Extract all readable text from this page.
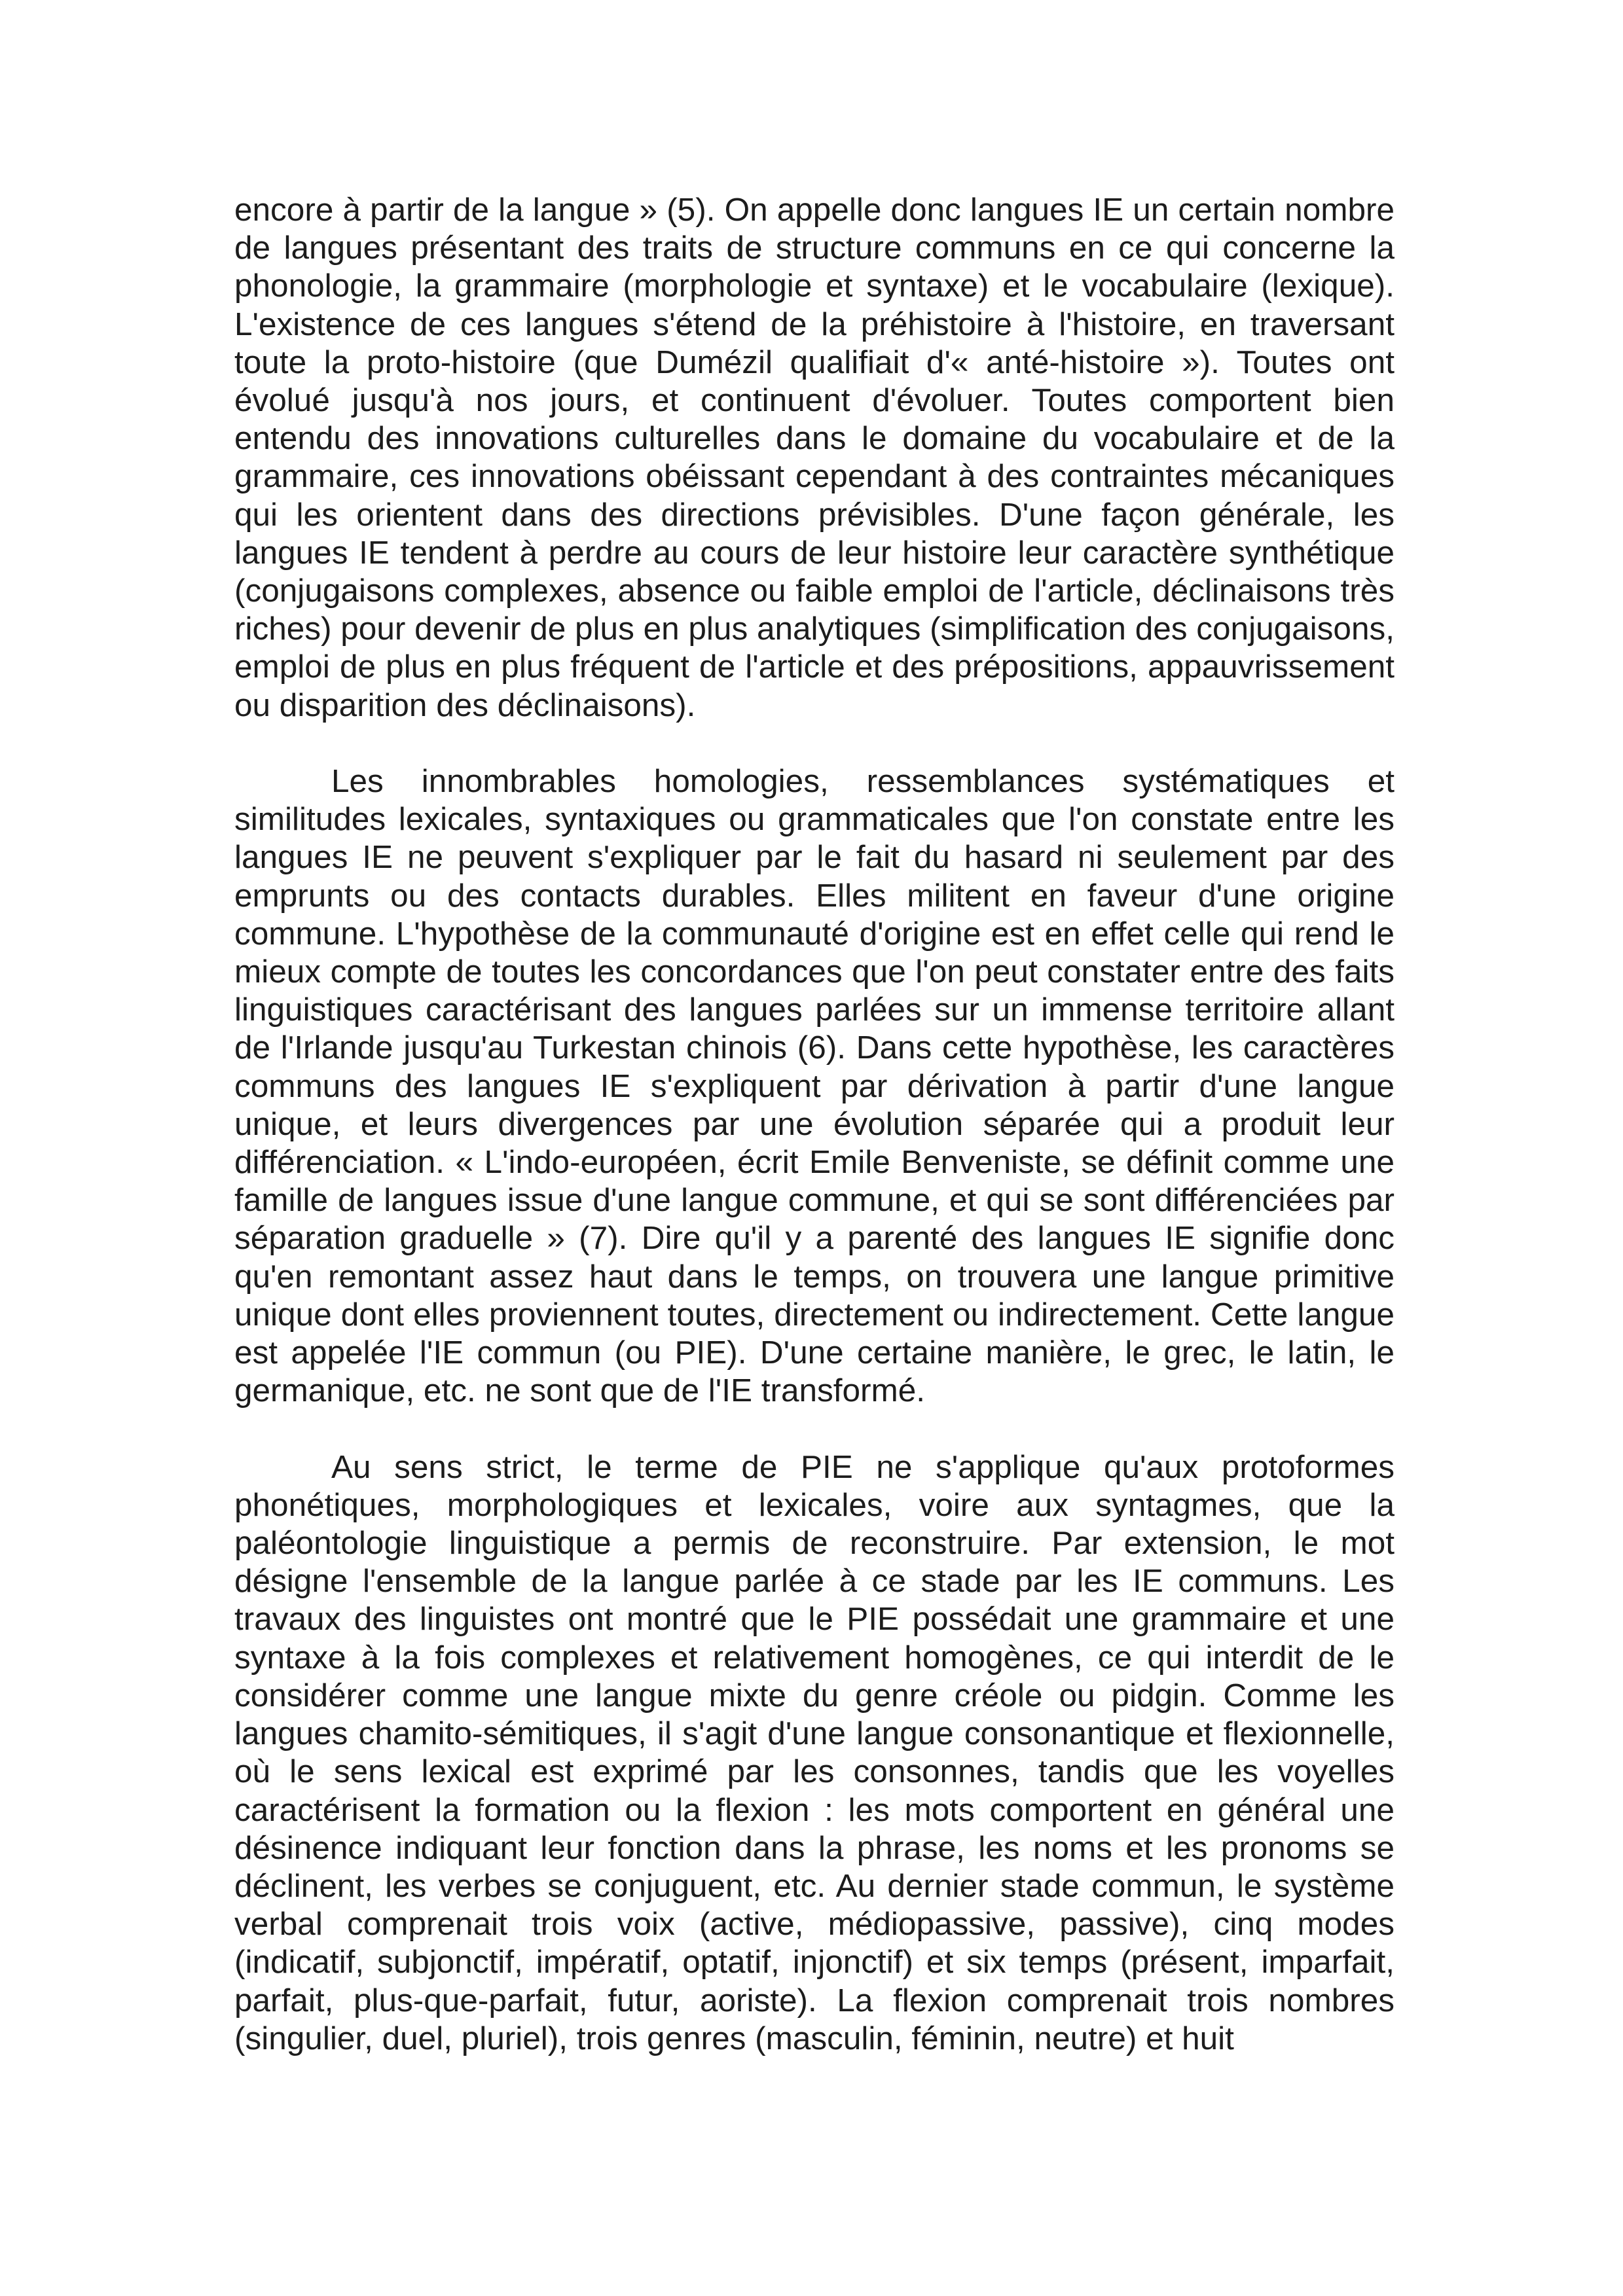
encore à partir de la langue » (5). On appelle donc langues IE un certain nombre de langues présentant des traits de structure communs en ce qui concerne la phonologie, la grammaire (morphologie et syntaxe) et le vocabulaire (lexique). L'existence de ces langues s'étend de la préhistoire à l'histoire, en traversant toute la proto-histoire (que Dumézil qualifiait d'« anté-histoire »). Toutes ont évolué jusqu'à nos jours, et continuent d'évoluer. Toutes comportent bien entendu des innovations culturelles dans le domaine du vocabulaire et de la grammaire, ces innovations obéissant cependant à des contraintes mécaniques qui les orientent dans des directions prévisibles. D'une façon générale, les langues IE tendent à perdre au cours de leur histoire leur caractère synthétique (conjugaisons complexes, absence ou faible emploi de l'article, déclinaisons très riches) pour devenir de plus en plus analytiques (simplification des conjugaisons, emploi de plus en plus fréquent de l'article et des prépositions, appauvrissement ou disparition des déclinaisons).

Les innombrables homologies, ressemblances systématiques et similitudes lexicales, syntaxiques ou grammaticales que l'on constate entre les langues IE ne peuvent s'expliquer par le fait du hasard ni seulement par des emprunts ou des contacts durables. Elles militent en faveur d'une origine commune. L'hypothèse de la communauté d'origine est en effet celle qui rend le mieux compte de toutes les concordances que l'on peut constater entre des faits linguistiques caractérisant des langues parlées sur un immense territoire allant de l'Irlande jusqu'au Turkestan chinois (6). Dans cette hypothèse, les caractères communs des langues IE s'expliquent par dérivation à partir d'une langue unique, et leurs divergences par une évolution séparée qui a produit leur différenciation. « L'indo-européen, écrit Emile Benveniste, se définit comme une famille de langues issue d'une langue commune, et qui se sont différenciées par séparation graduelle » (7). Dire qu'il y a parenté des langues IE signifie donc qu'en remontant assez haut dans le temps, on trouvera une langue primitive unique dont elles proviennent toutes, directement ou indirectement. Cette langue est appelée l'IE commun (ou PIE). D'une certaine manière, le grec, le latin, le germanique, etc. ne sont que de l'IE transformé.

Au sens strict, le terme de PIE ne s'applique qu'aux protoformes phonétiques, morphologiques et lexicales, voire aux syntagmes, que la paléontologie linguistique a permis de reconstruire. Par extension, le mot désigne l'ensemble de la langue parlée à ce stade par les IE communs. Les travaux des linguistes ont montré que le PIE possédait une grammaire et une syntaxe à la fois complexes et relativement homogènes, ce qui interdit de le considérer comme une langue mixte du genre créole ou pidgin. Comme les langues chamito-sémitiques, il s'agit d'une langue consonantique et flexionnelle, où le sens lexical est exprimé par les consonnes, tandis que les voyelles caractérisent la formation ou la flexion : les mots comportent en général une désinence indiquant leur fonction dans la phrase, les noms et les pronoms se déclinent, les verbes se conjuguent, etc. Au dernier stade commun, le système verbal comprenait trois voix (active, médiopassive, passive), cinq modes (indicatif, subjonctif, impératif, optatif, injonctif) et six temps (présent, imparfait, parfait, plus-que-parfait, futur, aoriste). La flexion comprenait trois nombres (singulier, duel, pluriel), trois genres (masculin, féminin, neutre) et huit
